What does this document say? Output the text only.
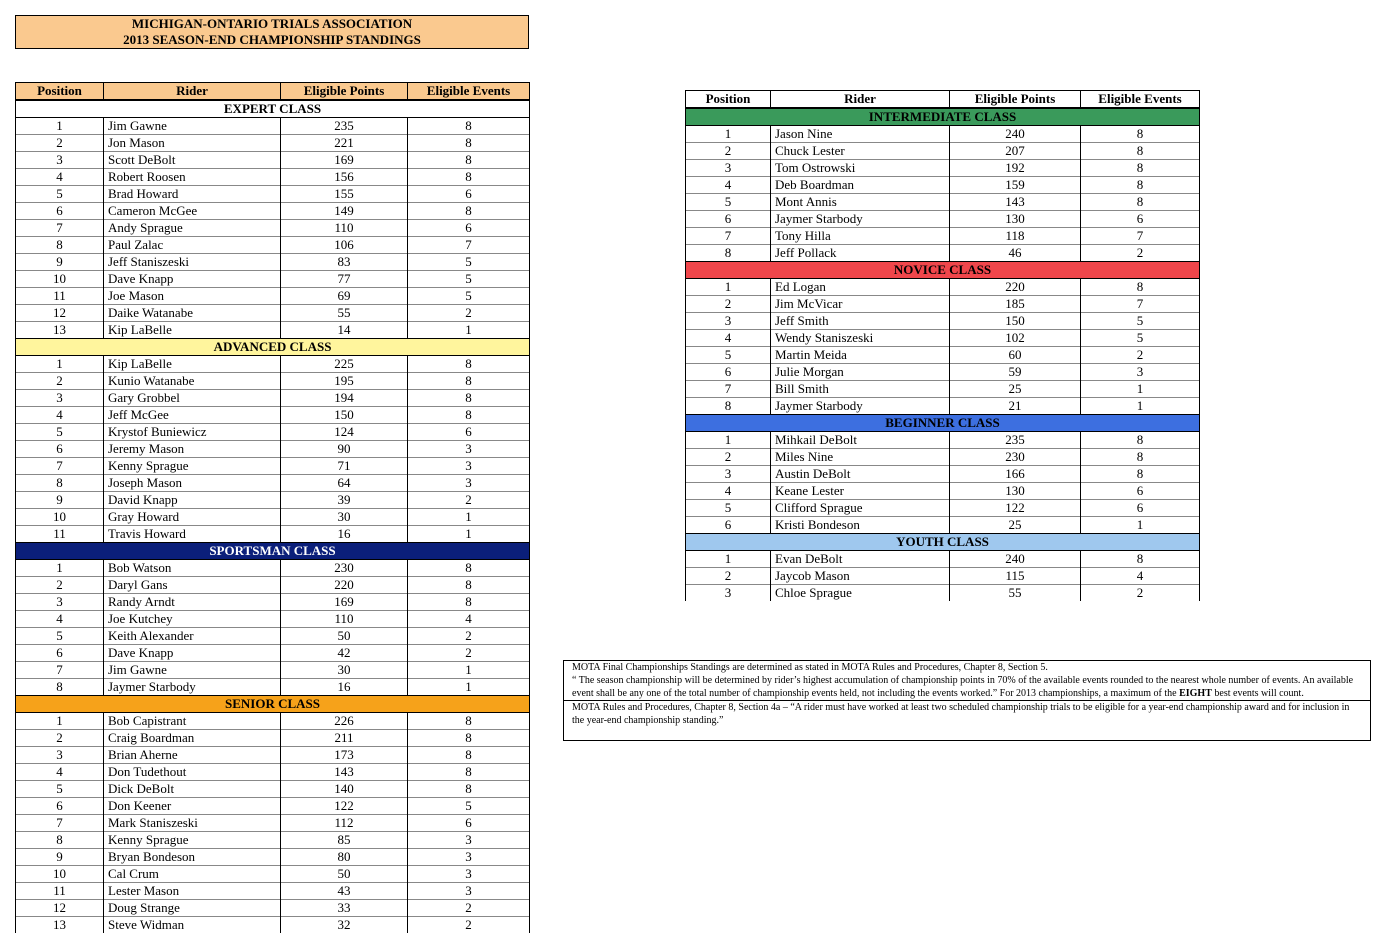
MICHIGAN-ONTARIO TRIALS ASSOCIATION
2013 SEASON-END CHAMPIONSHIP STANDINGS
Position	Rider	Eligible Points	Eligible Events
EXPERT CLASS			
1	Jim Gawne	235	8
2	Jon Mason	221	8
3	Scott DeBolt	169	8
4	Robert Roosen	156	8
5	Brad Howard	155	6
6	Cameron McGee	149	8
7	Andy Sprague	110	6
8	Paul Zalac	106	7
9	Jeff Staniszeski	83	5
10	Dave Knapp	77	5
11	Joe Mason	69	5
12	Daike Watanabe	55	2
13	Kip LaBelle	14	1
ADVANCED CLASS			
1	Kip LaBelle	225	8
2	Kunio Watanabe	195	8
3	Gary Grobbel	194	8
4	Jeff McGee	150	8
5	Krystof Buniewicz	124	6
6	Jeremy Mason	90	3
7	Kenny Sprague	71	3
8	Joseph Mason	64	3
9	David Knapp	39	2
10	Gray Howard	30	1
11	Travis Howard	16	1
SPORTSMAN CLASS			
1	Bob Watson	230	8
2	Daryl Gans	220	8
3	Randy Arndt	169	8
4	Joe Kutchey	110	4
5	Keith Alexander	50	2
6	Dave Knapp	42	2
7	Jim Gawne	30	1
8	Jaymer Starbody	16	1
SENIOR CLASS			
1	Bob Capistrant	226	8
2	Craig Boardman	211	8
3	Brian Aherne	173	8
4	Don Tudethout	143	8
5	Dick DeBolt	140	8
6	Don Keener	122	5
7	Mark Staniszeski	112	6
8	Kenny Sprague	85	3
9	Bryan Bondeson	80	3
10	Cal Crum	50	3
11	Lester Mason	43	3
12	Doug Strange	33	2
13	Steve Widman	32	2
Position	Rider	Eligible Points	Eligible Events
INTERMEDIATE CLASS			
1	Jason Nine	240	8
2	Chuck Lester	207	8
3	Tom Ostrowski	192	8
4	Deb Boardman	159	8
5	Mont Annis	143	8
6	Jaymer Starbody	130	6
7	Tony Hilla	118	7
8	Jeff Pollack	46	2
NOVICE CLASS			
1	Ed Logan	220	8
2	Jim McVicar	185	7
3	Jeff Smith	150	5
4	Wendy Staniszeski	102	5
5	Martin Meida	60	2
6	Julie Morgan	59	3
7	Bill Smith	25	1
8	Jaymer Starbody	21	1
BEGINNER CLASS			
1	Mihkail DeBolt	235	8
2	Miles Nine	230	8
3	Austin DeBolt	166	8
4	Keane Lester	130	6
5	Clifford Sprague	122	6
6	Kristi Bondeson	25	1
YOUTH CLASS			
1	Evan DeBolt	240	8
2	Jaycob Mason	115	4
3	Chloe Sprague	55	2
MOTA Final Championships Standings are determined as stated in MOTA Rules and Procedures, Chapter 8, Section 5.
“ The season championship will be determined by rider’s highest accumulation of championship points in 70% of the available events rounded to the nearest whole number of events. An available event shall be any one of the total number of championship events held, not including the events worked.” For 2013 championships, a maximum of the EIGHT best events will count.
MOTA Rules and Procedures, Chapter 8, Section 4a – “A rider must have worked at least two scheduled championship trials to be eligible for a year-end championship award and for inclusion in the year-end championship standing.”
